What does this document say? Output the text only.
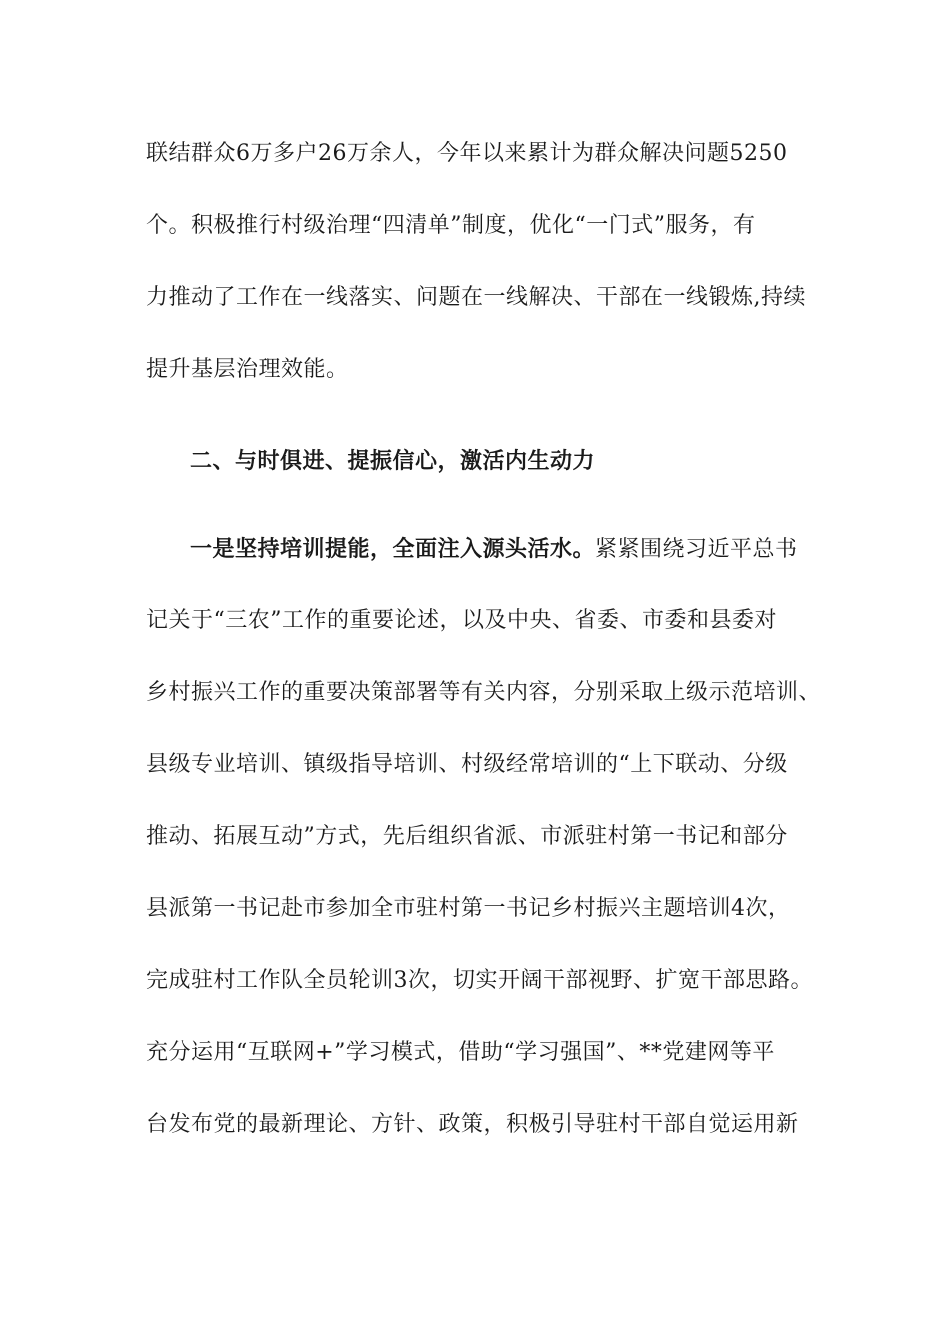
联结群众6万多户26万余人，今年以来累计为群众解决问题5250
个。积极推行村级治理“四清单”制度，优化“一门式”服务，有
力推动了工作在一线落实、问题在一线解决、干部在一线锻炼,持续
提升基层治理效能。
二、与时俱进、提振信心，激活内生动力
一是坚持培训提能，全面注入源头活水。紧紧围绕习近平总书
记关于“三农”工作的重要论述，以及中央、省委、市委和县委对
乡村振兴工作的重要决策部署等有关内容，分别采取上级示范培训、
县级专业培训、镇级指导培训、村级经常培训的“上下联动、分级
推动、拓展互动”方式，先后组织省派、市派驻村第一书记和部分
县派第一书记赴市参加全市驻村第一书记乡村振兴主题培训4次，
完成驻村工作队全员轮训3次，切实开阔干部视野、扩宽干部思路。
充分运用“互联网+”学习模式，借助“学习强国”、**党建网等平
台发布党的最新理论、方针、政策，积极引导驻村干部自觉运用新
